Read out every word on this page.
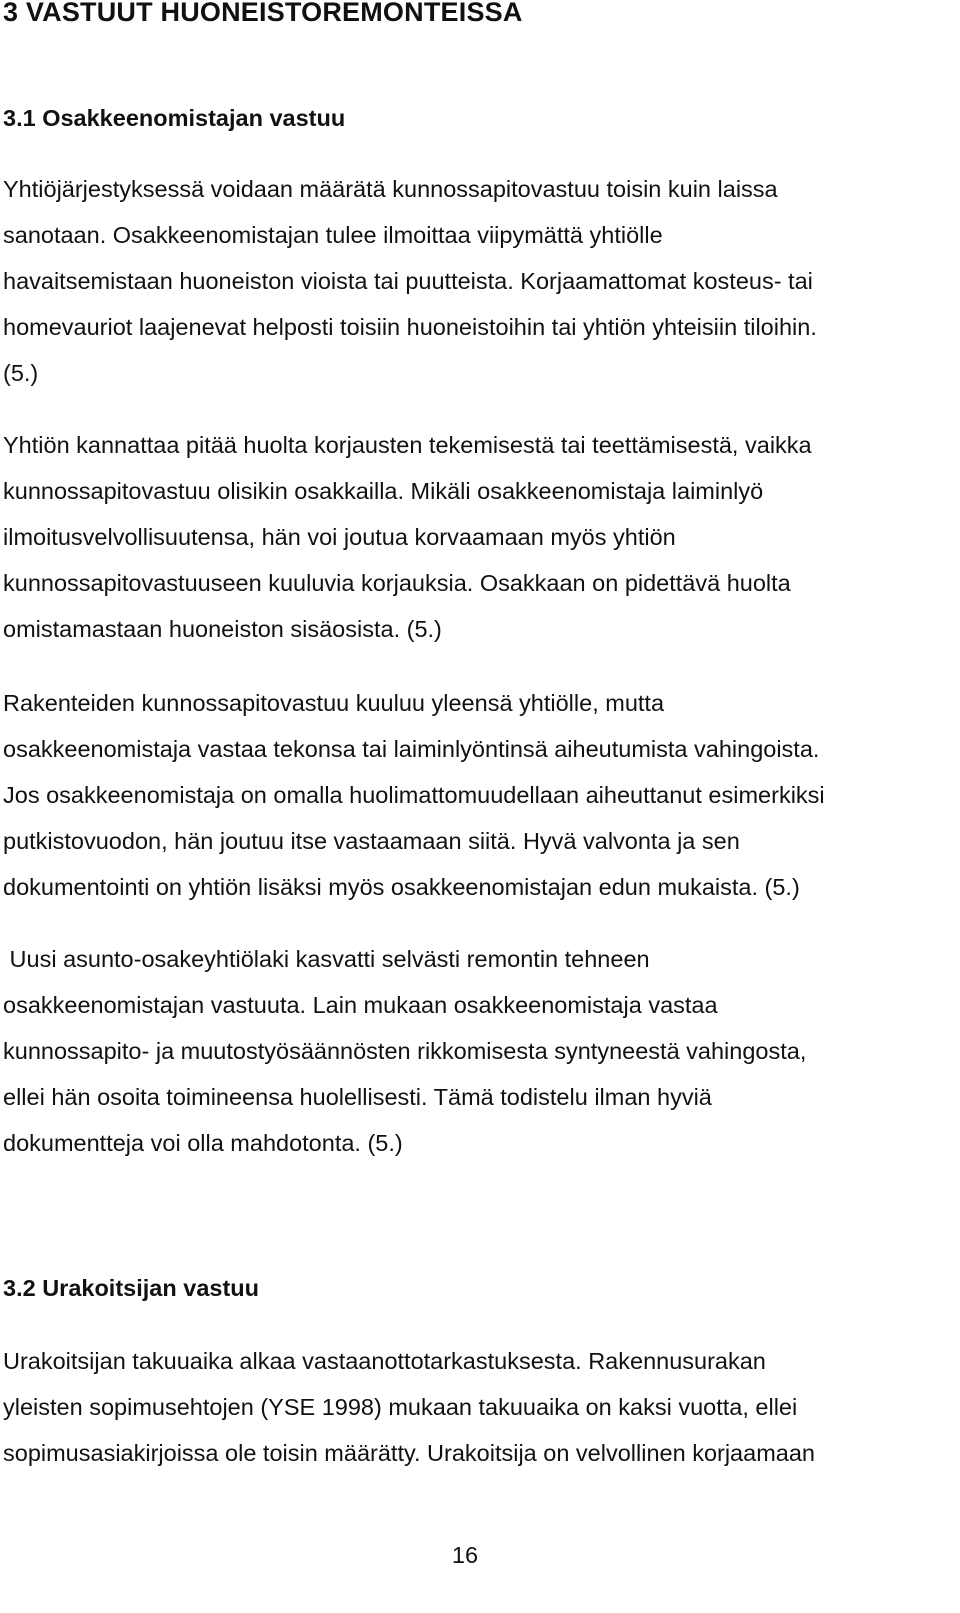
3 VASTUUT HUONEISTOREMONTEISSA
3.1 Osakkeenomistajan vastuu
Yhtiöjärjestyksessä voidaan määrätä kunnossapitovastuu toisin kuin laissa
sanotaan. Osakkeenomistajan tulee ilmoittaa viipymättä yhtiölle
havaitsemistaan huoneiston vioista tai puutteista. Korjaamattomat kosteus- tai
homevauriot laajenevat helposti toisiin huoneistoihin tai yhtiön yhteisiin tiloihin.
(5.)
Yhtiön kannattaa pitää huolta korjausten tekemisestä tai teettämisestä, vaikka
kunnossapitovastuu olisikin osakkailla. Mikäli osakkeenomistaja laiminlyö
ilmoitusvelvollisuutensa, hän voi joutua korvaamaan myös yhtiön
kunnossapitovastuuseen kuuluvia korjauksia. Osakkaan on pidettävä huolta
omistamastaan huoneiston sisäosista. (5.)
Rakenteiden kunnossapitovastuu kuuluu yleensä yhtiölle, mutta
osakkeenomistaja vastaa tekonsa tai laiminlyöntinsä aiheutumista vahingoista.
Jos osakkeenomistaja on omalla huolimattomuudellaan aiheuttanut esimerkiksi
putkistovuodon, hän joutuu itse vastaamaan siitä. Hyvä valvonta ja sen
dokumentointi on yhtiön lisäksi myös osakkeenomistajan edun mukaista. (5.)
Uusi asunto-osakeyhtiölaki kasvatti selvästi remontin tehneen
osakkeenomistajan vastuuta. Lain mukaan osakkeenomistaja vastaa
kunnossapito- ja muutostyösäännösten rikkomisesta syntyneestä vahingosta,
ellei hän osoita toimineensa huolellisesti. Tämä todistelu ilman hyviä
dokumentteja voi olla mahdotonta. (5.)
3.2 Urakoitsijan vastuu
Urakoitsijan takuuaika alkaa vastaanottotarkastuksesta. Rakennusurakan
yleisten sopimusehtojen (YSE 1998) mukaan takuuaika on kaksi vuotta, ellei
sopimusasiakirjoissa ole toisin määrätty. Urakoitsija on velvollinen korjaamaan
16
